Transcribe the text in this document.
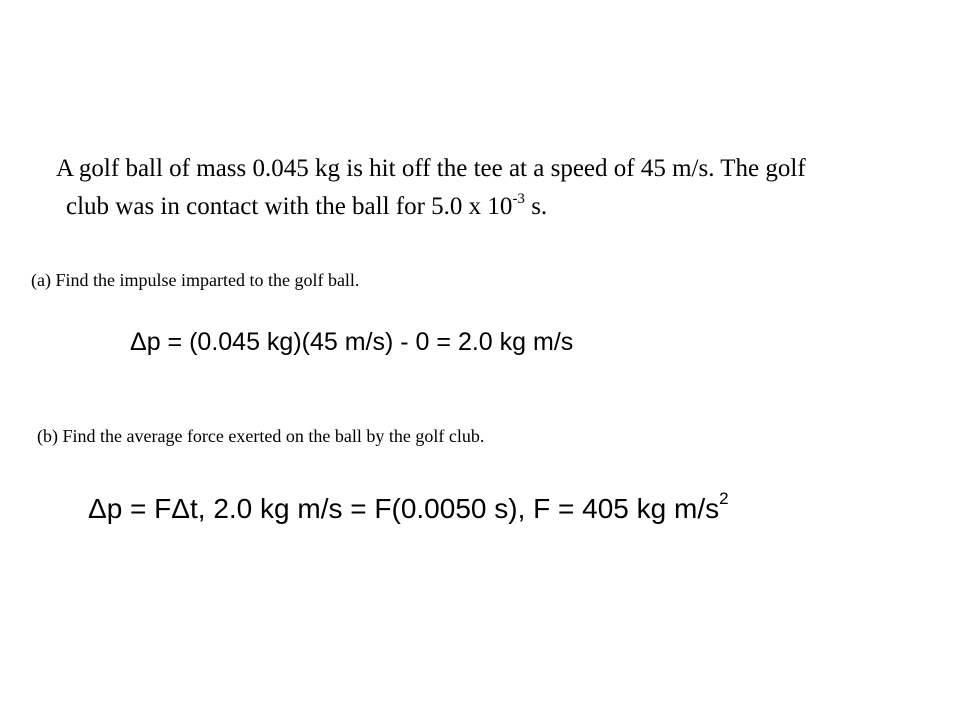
A golf ball of mass 0.045 kg is hit off the tee at a speed of 45 m/s. The golf
club was in contact with the ball for 5.0 x $10^{-3}$ s.
(a) Find the impulse imparted to the golf ball.
Δp = (0.045 kg)(45 m/s) - 0 = 2.0 kg m/s
(b) Find the average force exerted on the ball by the golf club.
Δp = FΔt, 2.0 kg m/s = F(0.0050 s), F = 405 kg $m/s^2$
